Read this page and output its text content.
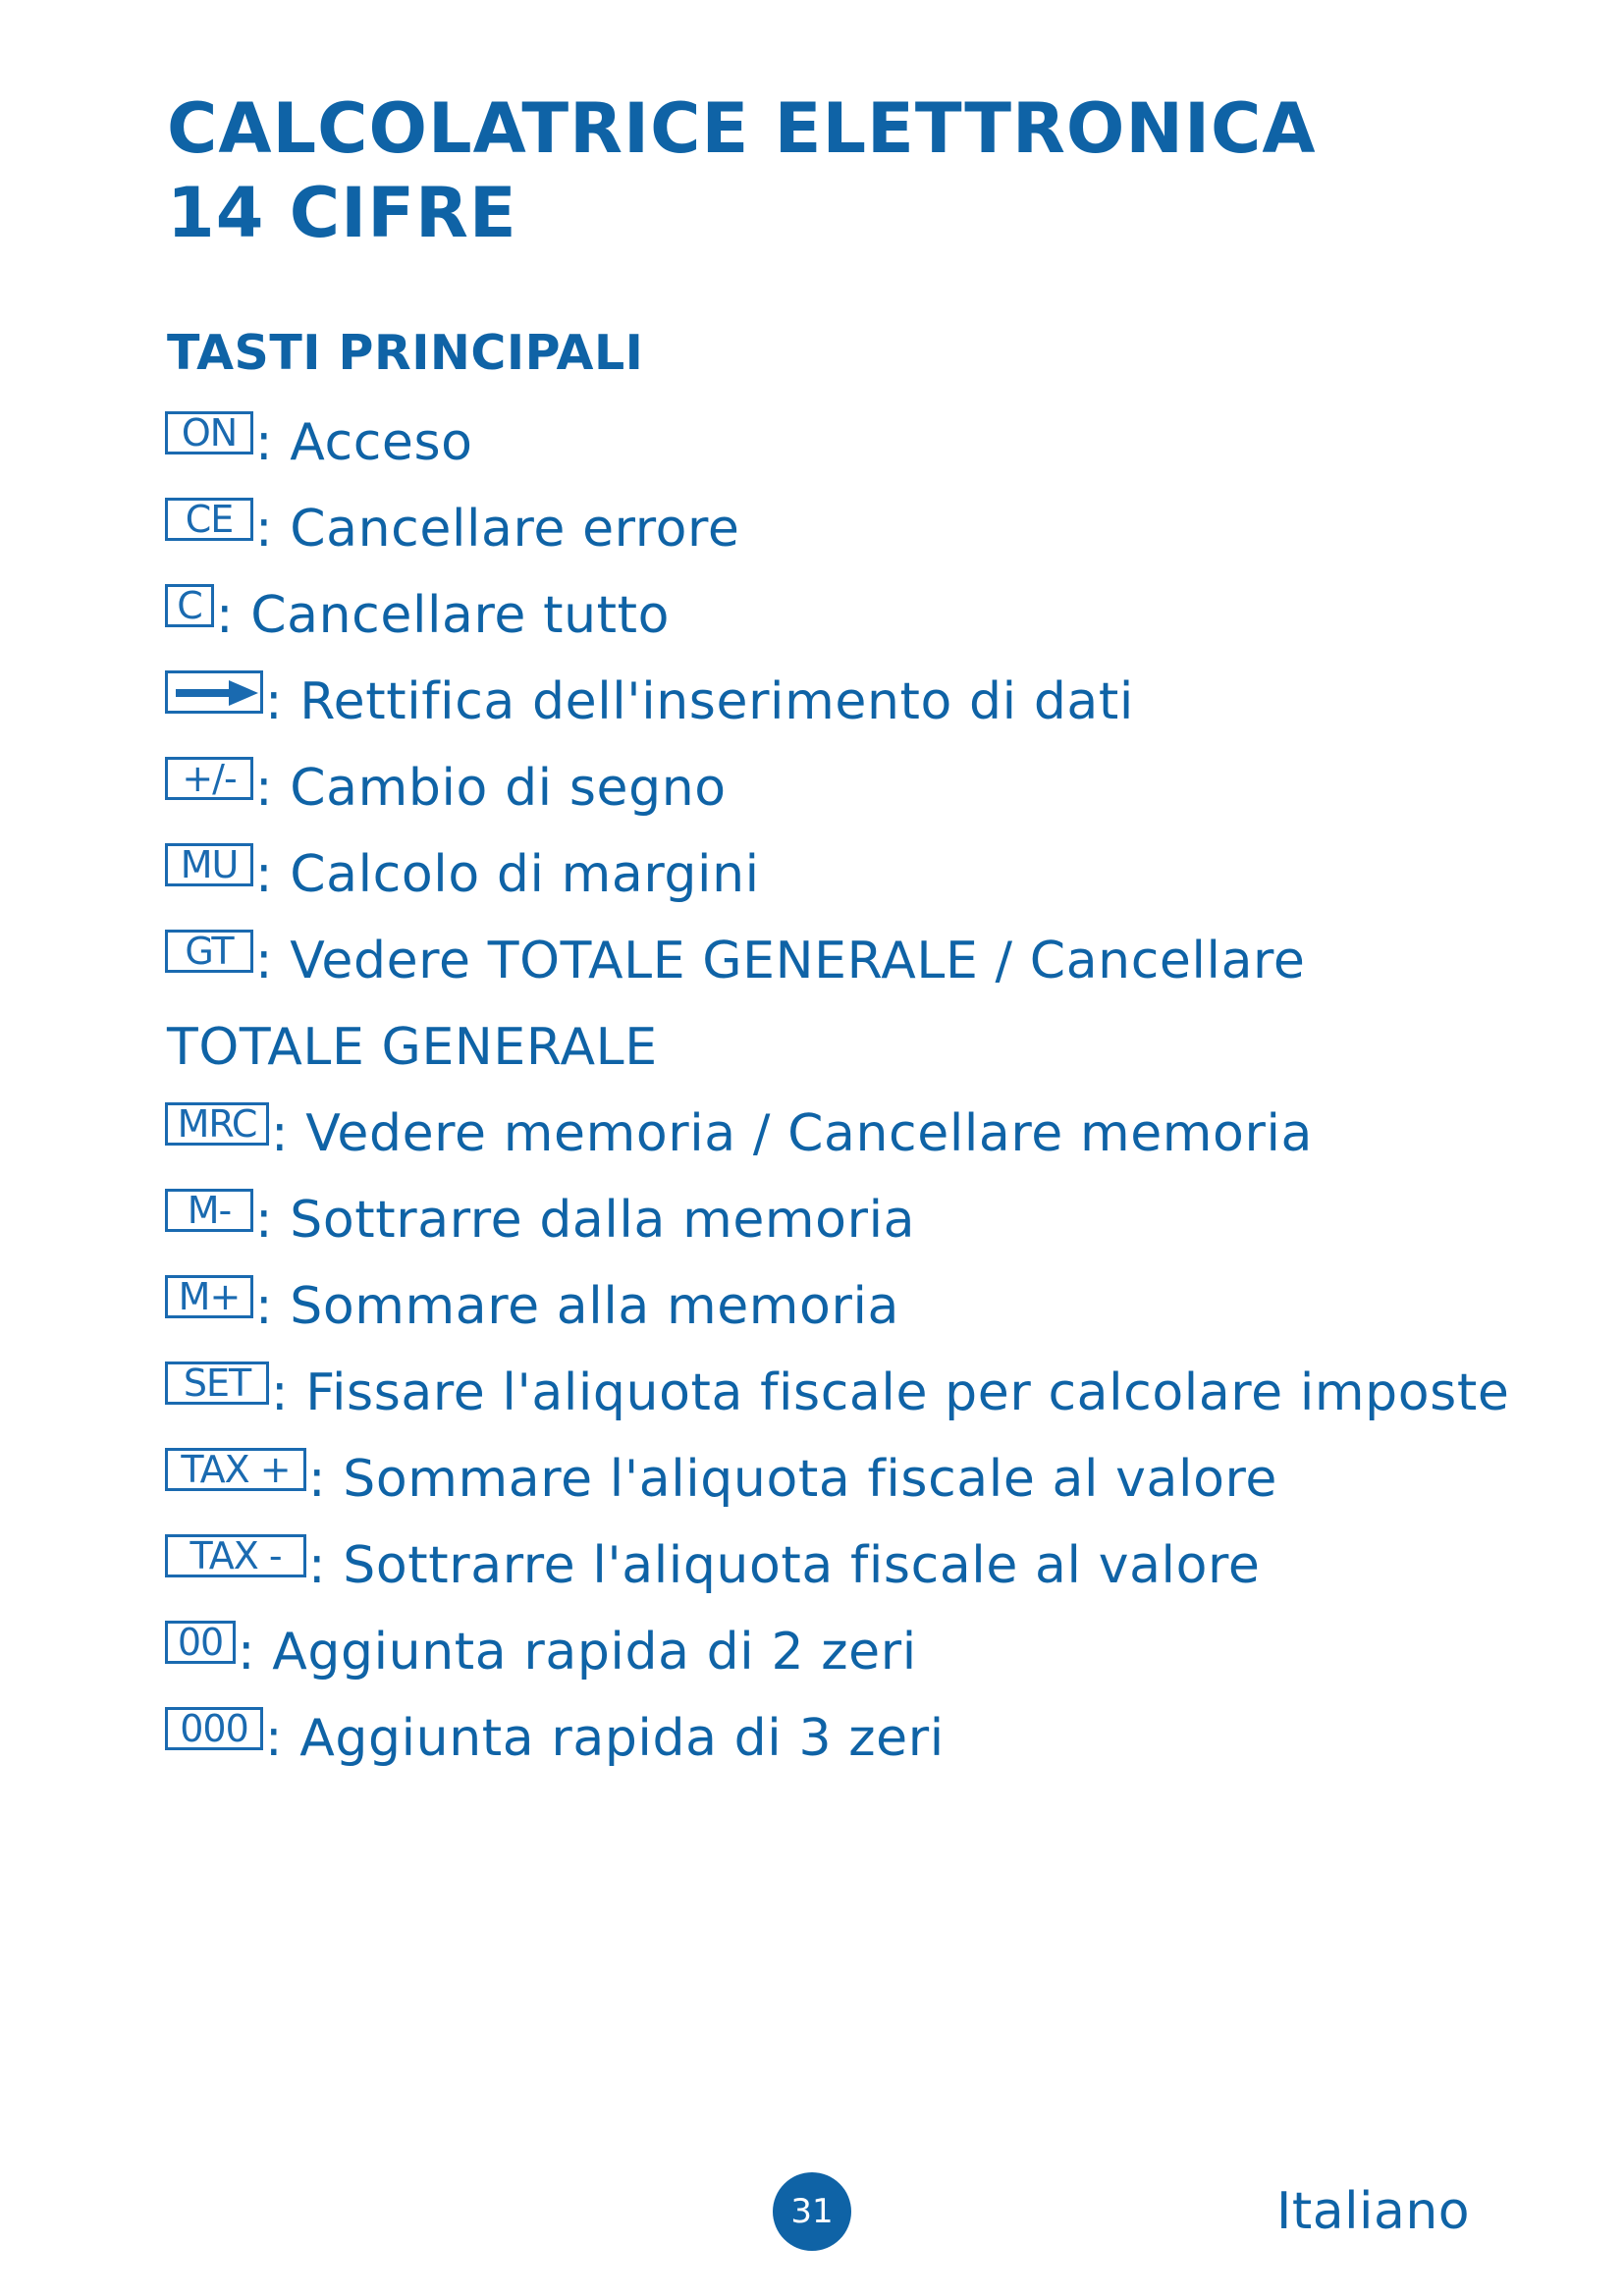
CALCOLATRICE ELETTRONICA
14 CIFRE
TASTI PRINCIPALI
ON : Acceso
CE : Cancellare errore
C : Cancellare tutto
: Rettifica dell'inserimento di dati
+/- : Cambio di segno
MU : Calcolo di margini
GT : Vedere TOTALE GENERALE / Cancellare
TOTALE GENERALE
MRC : Vedere memoria / Cancellare memoria
M- : Sottrarre dalla memoria
M+ : Sommare alla memoria
SET : Fissare l'aliquota fiscale per calcolare imposte
TAX + : Sommare l'aliquota fiscale al valore
TAX - : Sottrarre l'aliquota fiscale al valore
00 : Aggiunta rapida di 2 zeri
000 : Aggiunta rapida di 3 zeri
31	Italiano
